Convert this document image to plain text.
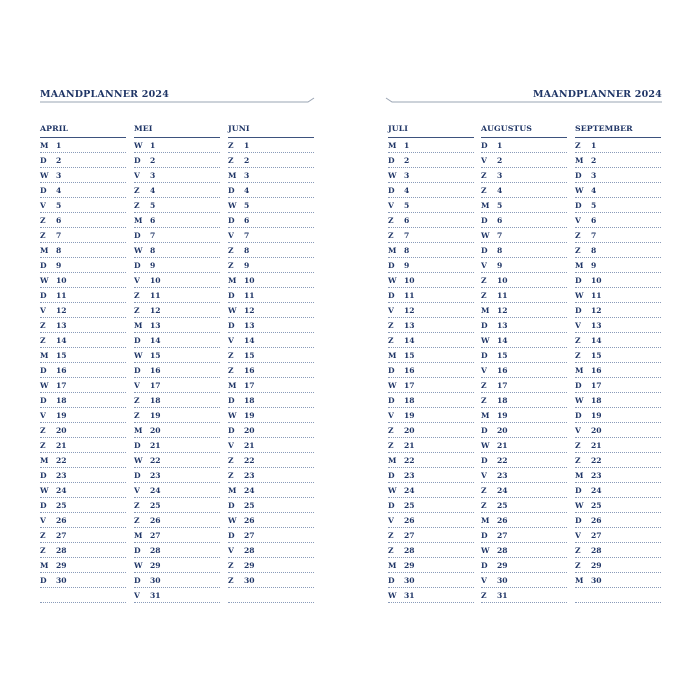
MAANDPLANNER 2024
APRIL
M 1
D 2
W 3
D 4
V 5
Z 6
Z 7
M 8
D 9
W 10
D 11
V 12
Z 13
Z 14
M 15
D 16
W 17
D 18
V 19
Z 20
Z 21
M 22
D 23
W 24
D 25
V 26
Z 27
Z 28
M 29
D 30
MEI
W 1
D 2
V 3
Z 4
Z 5
M 6
D 7
W 8
D 9
V 10
Z 11
Z 12
M 13
D 14
W 15
D 16
V 17
Z 18
Z 19
M 20
D 21
W 22
D 23
V 24
Z 25
Z 26
M 27
D 28
W 29
D 30
V 31
JUNI
Z 1
Z 2
M 3
D 4
W 5
D 6
V 7
Z 8
Z 9
M 10
D 11
W 12
D 13
V 14
Z 15
Z 16
M 17
D 18
W 19
D 20
V 21
Z 22
Z 23
M 24
D 25
W 26
D 27
V 28
Z 29
Z 30
MAANDPLANNER 2024
JULI
M 1
D 2
W 3
D 4
V 5
Z 6
Z 7
M 8
D 9
W 10
D 11
V 12
Z 13
Z 14
M 15
D 16
W 17
D 18
V 19
Z 20
Z 21
M 22
D 23
W 24
D 25
V 26
Z 27
Z 28
M 29
D 30
W 31
AUGUSTUS
D 1
V 2
Z 3
Z 4
M 5
D 6
W 7
D 8
V 9
Z 10
Z 11
M 12
D 13
W 14
D 15
V 16
Z 17
Z 18
M 19
D 20
W 21
D 22
V 23
Z 24
Z 25
M 26
D 27
W 28
D 29
V 30
Z 31
SEPTEMBER
Z 1
M 2
D 3
W 4
D 5
V 6
Z 7
Z 8
M 9
D 10
W 11
D 12
V 13
Z 14
Z 15
M 16
D 17
W 18
D 19
V 20
Z 21
Z 22
M 23
D 24
W 25
D 26
V 27
Z 28
Z 29
M 30
